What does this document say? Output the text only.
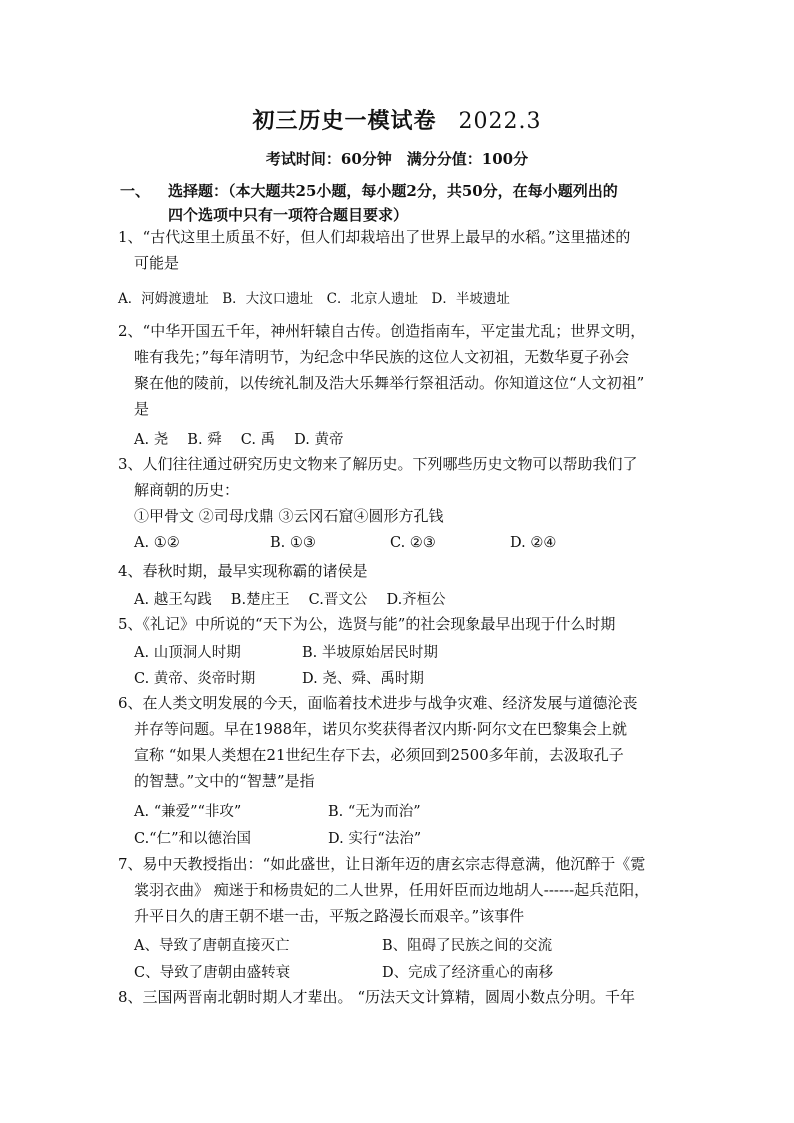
初三历史一模试卷 2022.3
考试时间：60分钟　满分分值：100分
一、 选择题：（本大题共25小题，每小题2分，共50分，在每小题列出的
四个选项中只有一项符合题目要求）
1、“古代这里土质虽不好，但人们却栽培出了世界上最早的水稻。”这里描述的
可能是
A．河姆渡遗址　B．大汶口遗址　C．北京人遗址　D．半坡遗址
2、“中华开国五千年，神州轩辕自古传。创造指南车，平定蚩尤乱；世界文明，
唯有我先；”每年清明节，为纪念中华民族的这位人文初祖，无数华夏子孙会
聚在他的陵前，以传统礼制及浩大乐舞举行祭祖活动。你知道这位“人文初祖”
是
A. 尧　 B. 舜　 C. 禹　 D. 黄帝
3、人们往往通过研究历史文物来了解历史。下列哪些历史文物可以帮助我们了
解商朝的历史：
①甲骨文 ②司母戊鼎 ③云冈石窟④圆形方孔钱
A. ①②	B. ①③	C. ②③	D. ②④
4、春秋时期，最早实现称霸的诸侯是
A. 越王勾践　 B.楚庄王　 C.晋文公　 D.齐桓公
5、《礼记》中所说的“天下为公，选贤与能”的社会现象最早出现于什么时期
A. 山顶洞人时期	B. 半坡原始居民时期
C. 黄帝、炎帝时期	D. 尧、舜、禹时期
6、在人类文明发展的今天，面临着技术进步与战争灾难、经济发展与道德沦丧
并存等问题。早在1988年，诺贝尔奖获得者汉内斯·阿尔文在巴黎集会上就
宣称 “如果人类想在21世纪生存下去，必须回到2500多年前，去汲取孔子
的智慧。”文中的“智慧”是指
A. “兼爱”“非攻”	B. “无为而治”
C.“仁”和以德治国	D. 实行“法治”
7、易中天教授指出：“如此盛世，让日渐年迈的唐玄宗志得意满，他沉醉于《霓
裳羽衣曲》 痴迷于和杨贵妃的二人世界，任用奸臣而边地胡人------起兵范阳，
升平日久的唐王朝不堪一击，平叛之路漫长而艰辛。”该事件
A、导致了唐朝直接灭亡	B、阻碍了民族之间的交流
C、导致了唐朝由盛转衰	D、完成了经济重心的南移
8、三国两晋南北朝时期人才辈出。 “历法天文计算精，圆周小数点分明。千年
